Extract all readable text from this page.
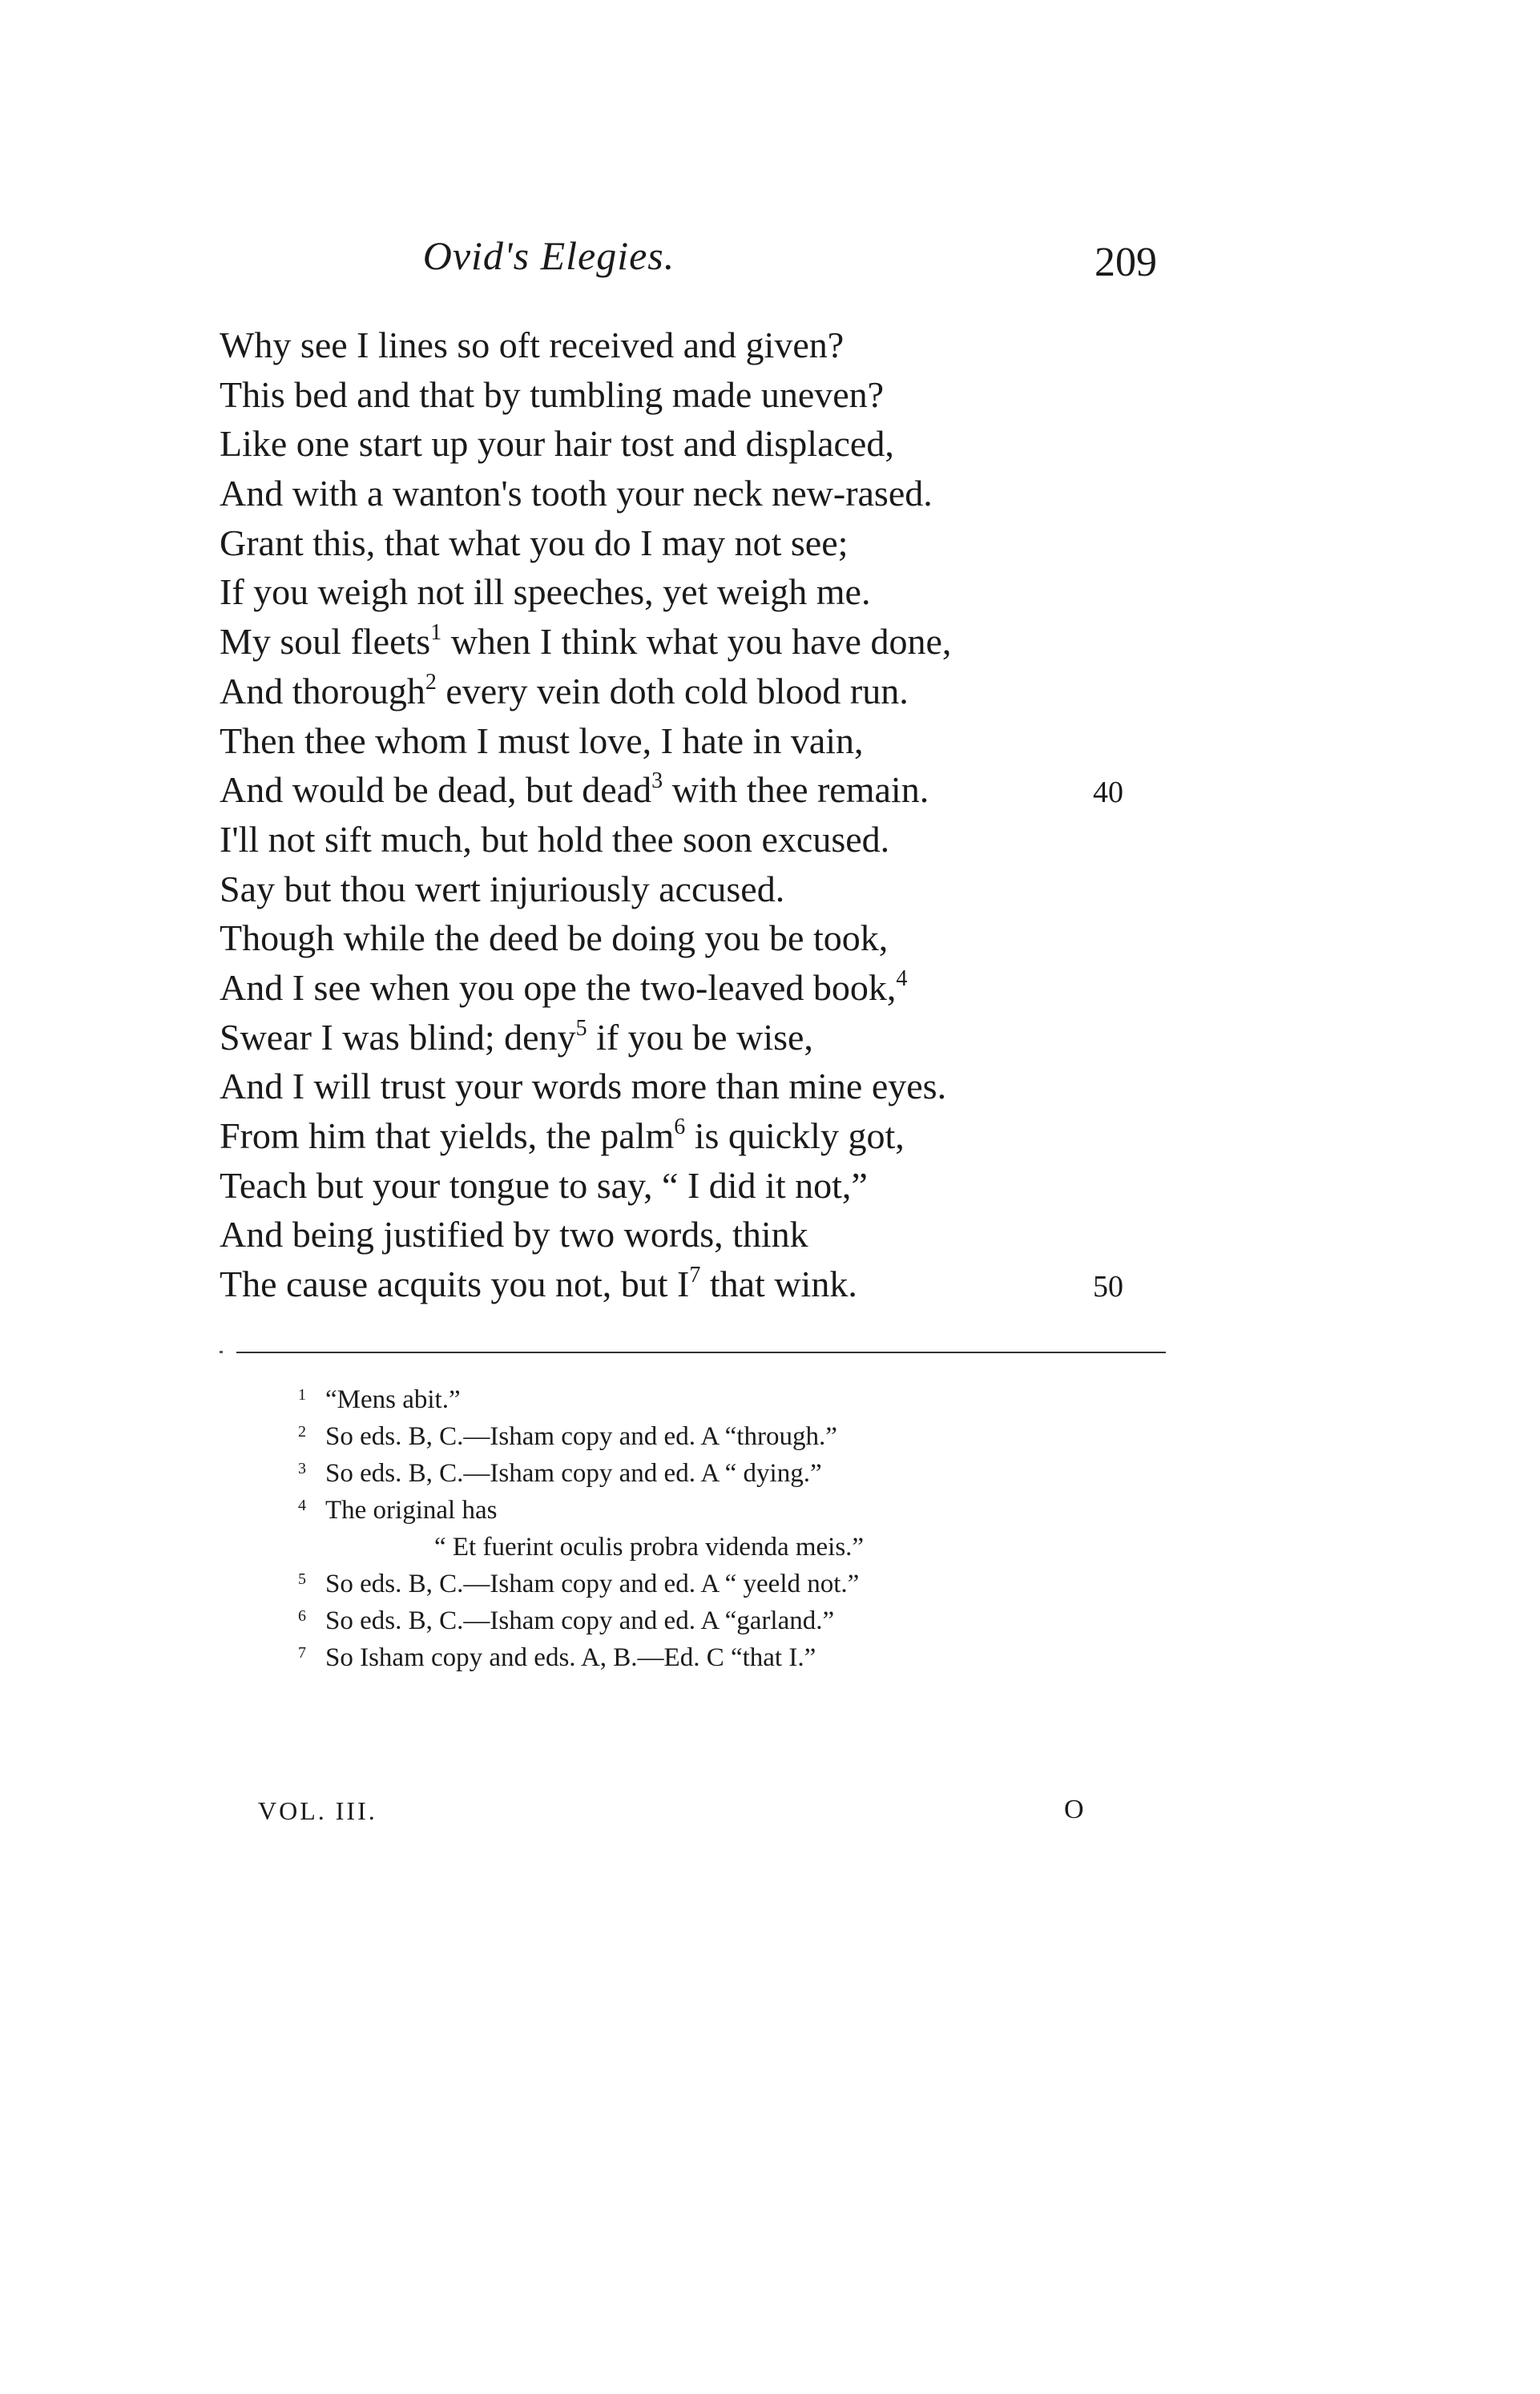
Ovid's Elegies.	209
Why see I lines so oft received and given?
This bed and that by tumbling made uneven?
Like one start up your hair tost and displaced,
And with a wanton's tooth your neck new-rased.
Grant this, that what you do I may not see;
If you weigh not ill speeches, yet weigh me.
My soul fleets$^1$ when I think what you have done,
And thorough$^2$ every vein doth cold blood run.
Then thee whom I must love, I hate in vain,
And would be dead, but dead$^3$ with thee remain.	40
I'll not sift much, but hold thee soon excused.
Say but thou wert injuriously accused.
Though while the deed be doing you be took,
And I see when you ope the two-leaved book,$^4$
Swear I was blind; deny$^5$ if you be wise,
And I will trust your words more than mine eyes.
From him that yields, the palm$^6$ is quickly got,
Teach but your tongue to say, “ I did it not,”
And being justified by two words, think
The cause acquits you not, but $I^7$ that wink.	50
1 “Mens abit.”
2 So eds. B, C.—Isham copy and ed. A “through.”
3 So eds. B, C.—Isham copy and ed. A “ dying.”
4 The original has
“ Et fuerint oculis probra videnda meis.”
5 So eds. B, C.—Isham copy and ed. A “ yeeld not.”
6 So eds. B, C.—Isham copy and ed. A “garland.”
7 So Isham copy and eds. A, B.—Ed. C “that I.”
VOL. III.	O
